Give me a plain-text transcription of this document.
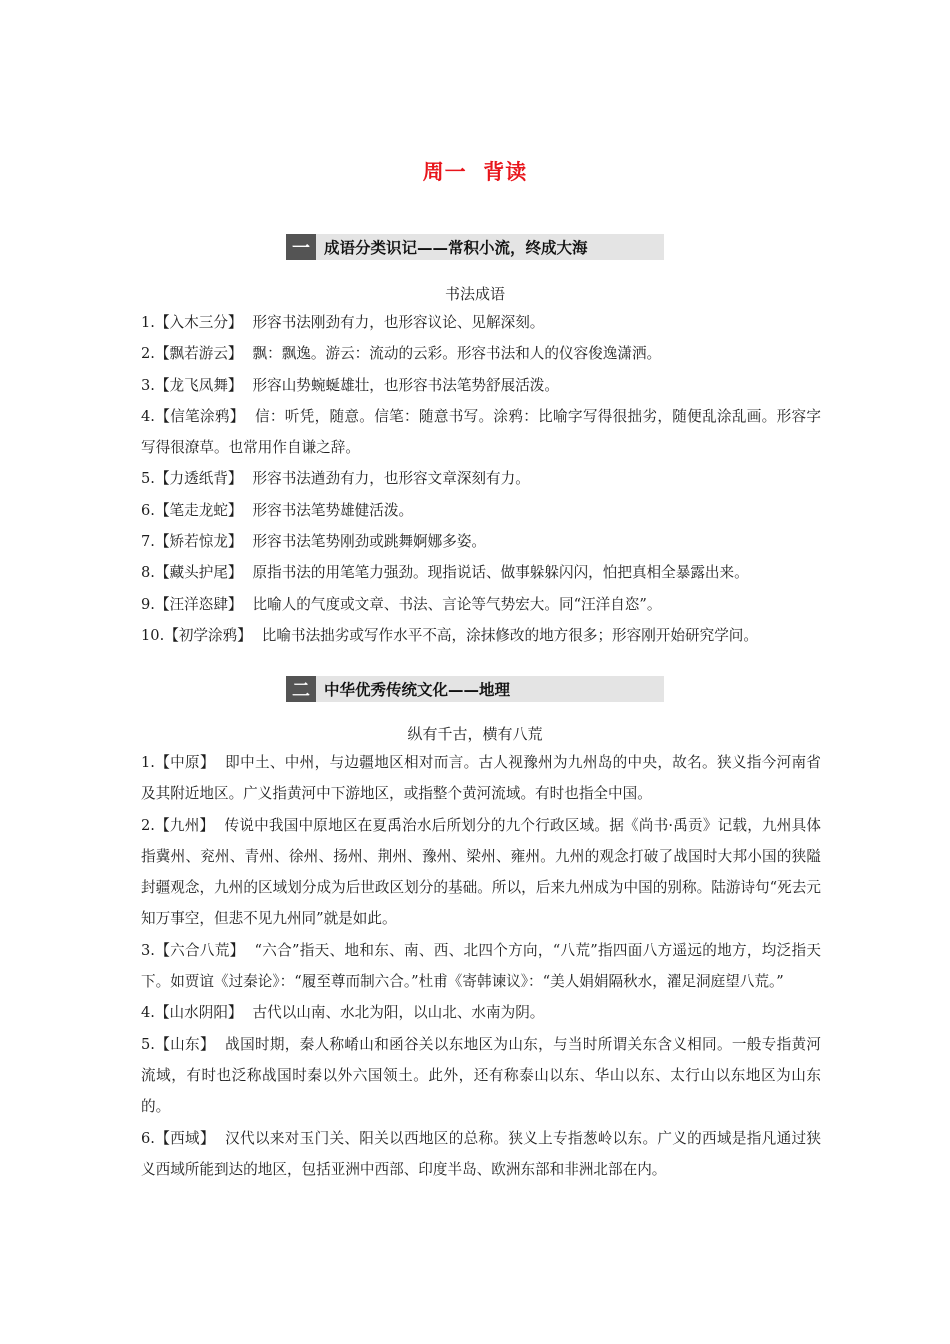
周一  背读
一 成语分类识记——常积小流，终成大海
书法成语

1.【入木三分】 形容书法刚劲有力，也形容议论、见解深刻。

2.【飘若游云】 飘：飘逸。游云：流动的云彩。形容书法和人的仪容俊逸潇洒。

3.【龙飞凤舞】 形容山势蜿蜒雄壮，也形容书法笔势舒展活泼。

4.【信笔涂鸦】 信：听凭，随意。信笔：随意书写。涂鸦：比喻字写得很拙劣，随便乱涂乱画。形容字写得很潦草。也常用作自谦之辞。

5.【力透纸背】 形容书法遒劲有力，也形容文章深刻有力。

6.【笔走龙蛇】 形容书法笔势雄健活泼。

7.【矫若惊龙】 形容书法笔势刚劲或跳舞婀娜多姿。

8.【藏头护尾】 原指书法的用笔笔力强劲。现指说话、做事躲躲闪闪，怕把真相全暴露出来。

9.【汪洋恣肆】 比喻人的气度或文章、书法、言论等气势宏大。同“汪洋自恣”。

10.【初学涂鸦】 比喻书法拙劣或写作水平不高，涂抹修改的地方很多；形容刚开始研究学问。

二 中华优秀传统文化——地理
纵有千古，横有八荒

1.【中原】 即中土、中州，与边疆地区相对而言。古人视豫州为九州岛的中央，故名。狭义指今河南省及其附近地区。广义指黄河中下游地区，或指整个黄河流域。有时也指全中国。

2.【九州】 传说中我国中原地区在夏禹治水后所划分的九个行政区域。据《尚书·禹贡》记载，九州具体指冀州、兖州、青州、徐州、扬州、荆州、豫州、梁州、雍州。九州的观念打破了战国时大邦小国的狭隘封疆观念，九州的区域划分成为后世政区划分的基础。所以，后来九州成为中国的别称。陆游诗句“死去元知万事空，但悲不见九州同”就是如此。

3.【六合八荒】 “六合”指天、地和东、南、西、北四个方向，“八荒”指四面八方遥远的地方，均泛指天下。如贾谊《过秦论》：“履至尊而制六合。”杜甫《寄韩谏议》：“美人娟娟隔秋水，濯足洞庭望八荒。”

4.【山水阴阳】 古代以山南、水北为阳，以山北、水南为阴。

5.【山东】 战国时期，秦人称崤山和函谷关以东地区为山东，与当时所谓关东含义相同。一般专指黄河流域，有时也泛称战国时秦以外六国领土。此外，还有称泰山以东、华山以东、太行山以东地区为山东的。

6.【西域】 汉代以来对玉门关、阳关以西地区的总称。狭义上专指葱岭以东。广义的西域是指凡通过狭义西域所能到达的地区，包括亚洲中西部、印度半岛、欧洲东部和非洲北部在内。
